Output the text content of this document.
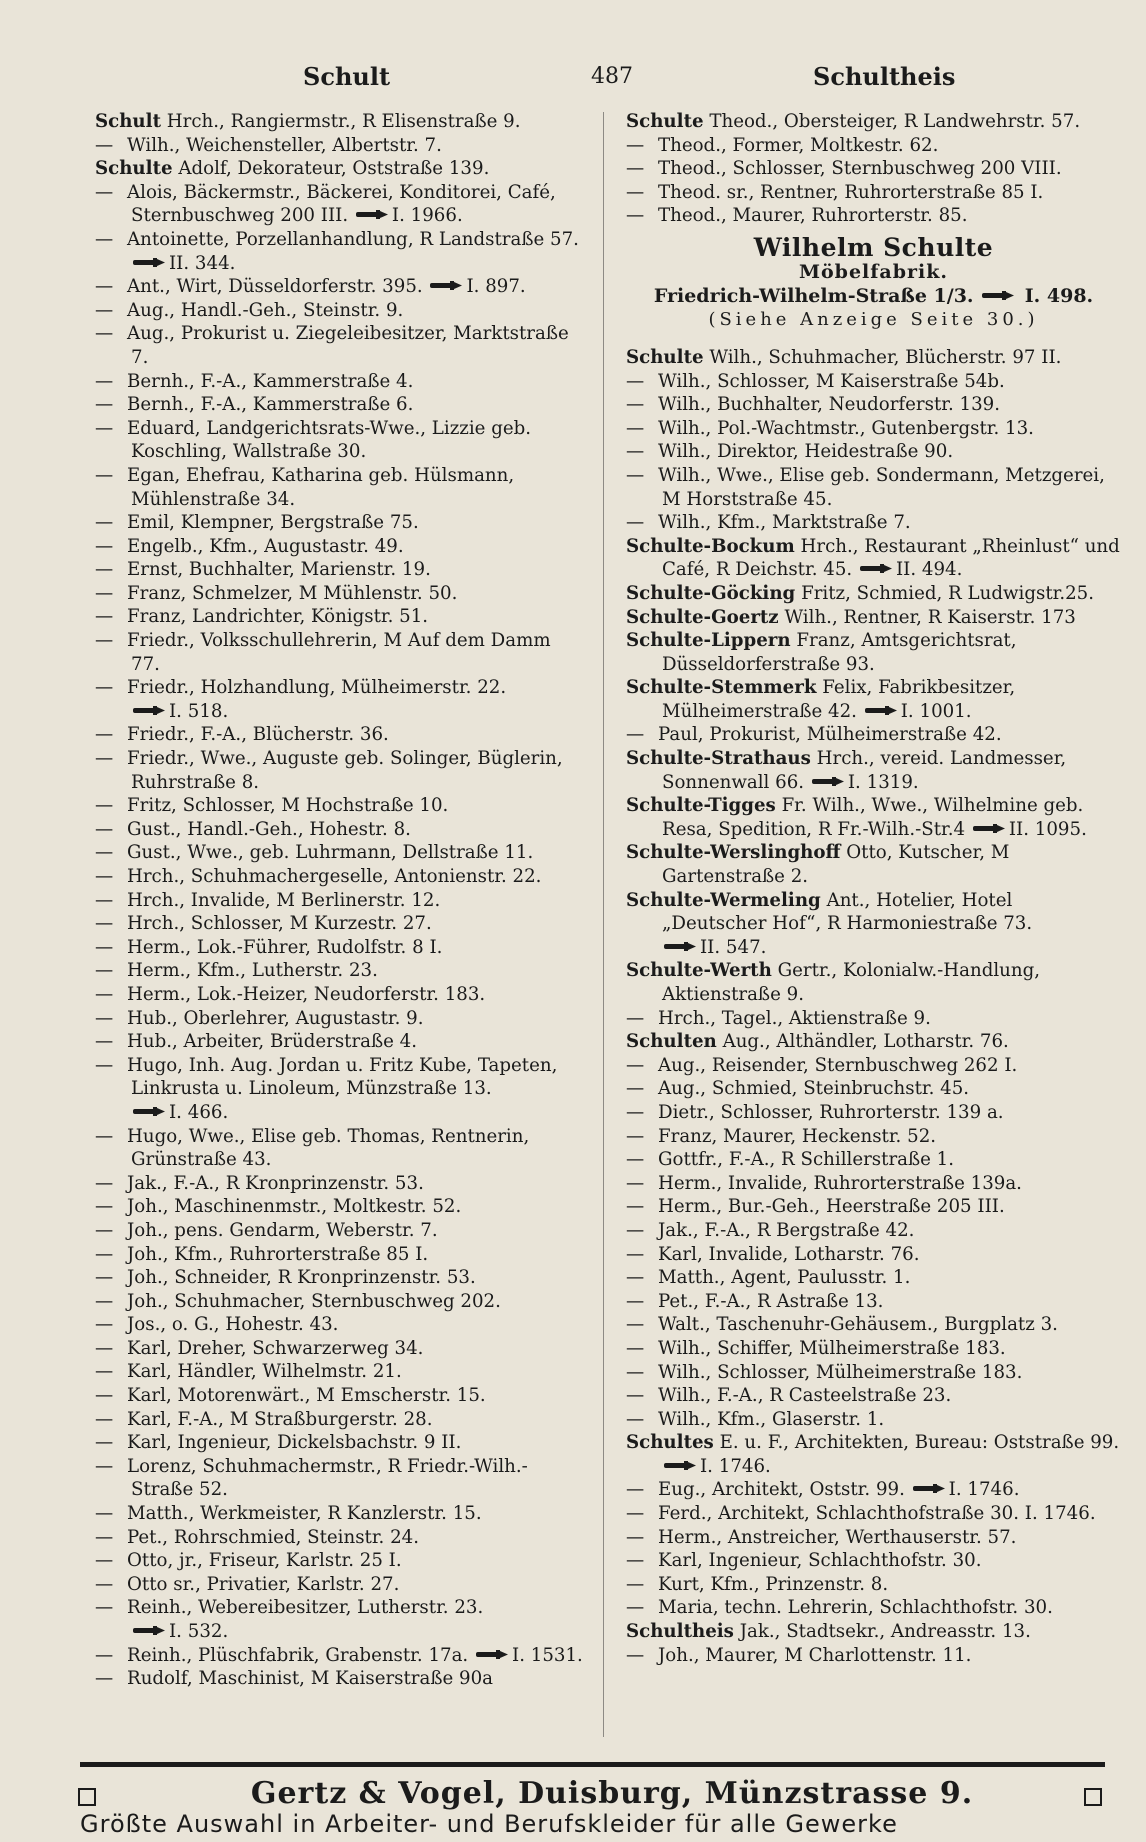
Schult	487	Schultheis

Schult Hrch., Rangiermstr., R Elisenstraße 9.

— Wilh., Weichensteller, Albertstr. 7.

Schulte Adolf, Dekorateur, Oststraße 139.

— Alois, Bäckermstr., Bäckerei, Konditorei, Café, Sternbuschweg 200 III. I. 1966.

— Antoinette, Porzellanhandlung, R Landstraße 57. II. 344.

— Ant., Wirt, Düsseldorferstr. 395. I. 897.

— Aug., Handl.-Geh., Steinstr. 9.

— Aug., Prokurist u. Ziegeleibesitzer, Marktstraße 7.

— Bernh., F.-A., Kammerstraße 4.

— Bernh., F.-A., Kammerstraße 6.

— Eduard, Landgerichtsrats-Wwe., Lizzie geb. Koschling, Wallstraße 30.

— Egan, Ehefrau, Katharina geb. Hülsmann, Mühlenstraße 34.

— Emil, Klempner, Bergstraße 75.

— Engelb., Kfm., Augustastr. 49.

— Ernst, Buchhalter, Marienstr. 19.

— Franz, Schmelzer, M Mühlenstr. 50.

— Franz, Landrichter, Königstr. 51.

— Friedr., Volksschullehrerin, M Auf dem Damm 77.

— Friedr., Holzhandlung, Mülheimerstr. 22. I. 518.

— Friedr., F.-A., Blücherstr. 36.

— Friedr., Wwe., Auguste geb. Solinger, Büglerin, Ruhrstraße 8.

— Fritz, Schlosser, M Hochstraße 10.

— Gust., Handl.-Geh., Hohestr. 8.

— Gust., Wwe., geb. Luhrmann, Dellstraße 11.

— Hrch., Schuhmachergeselle, Antonienstr. 22.

— Hrch., Invalide, M Berlinerstr. 12.

— Hrch., Schlosser, M Kurzestr. 27.

— Herm., Lok.-Führer, Rudolfstr. 8 I.

— Herm., Kfm., Lutherstr. 23.

— Herm., Lok.-Heizer, Neudorferstr. 183.

— Hub., Oberlehrer, Augustastr. 9.

— Hub., Arbeiter, Brüderstraße 4.

— Hugo, Inh. Aug. Jordan u. Fritz Kube, Tapeten, Linkrusta u. Linoleum, Münzstraße 13. I. 466.

— Hugo, Wwe., Elise geb. Thomas, Rentnerin, Grünstraße 43.

— Jak., F.-A., R Kronprinzenstr. 53.

— Joh., Maschinenmstr., Moltkestr. 52.

— Joh., pens. Gendarm, Weberstr. 7.

— Joh., Kfm., Ruhrorterstraße 85 I.

— Joh., Schneider, R Kronprinzenstr. 53.

— Joh., Schuhmacher, Sternbuschweg 202.

— Jos., o. G., Hohestr. 43.

— Karl, Dreher, Schwarzerweg 34.

— Karl, Händler, Wilhelmstr. 21.

— Karl, Motorenwärt., M Emscherstr. 15.

— Karl, F.-A., M Straßburgerstr. 28.

— Karl, Ingenieur, Dickelsbachstr. 9 II.

— Lorenz, Schuhmachermstr., R Friedr.-Wilh.-Straße 52.

— Matth., Werkmeister, R Kanzlerstr. 15.

— Pet., Rohrschmied, Steinstr. 24.

— Otto, jr., Friseur, Karlstr. 25 I.

— Otto sr., Privatier, Karlstr. 27.

— Reinh., Webereibesitzer, Lutherstr. 23. I. 532.

— Reinh., Plüschfabrik, Grabenstr. 17a. I. 1531.

— Rudolf, Maschinist, M Kaiserstraße 90a

Schulte Theod., Obersteiger, R Landwehrstr. 57.

— Theod., Former, Moltkestr. 62.

— Theod., Schlosser, Sternbuschweg 200 VIII.

— Theod. sr., Rentner, Ruhrorterstraße 85 I.

— Theod., Maurer, Ruhrorterstr. 85.

Wilhelm Schulte
Möbelfabrik.
Friedrich-Wilhelm-Straße 1/3.	I. 498.
(Siehe Anzeige Seite 30.)

Schulte Wilh., Schuhmacher, Blücherstr. 97 II.

— Wilh., Schlosser, M Kaiserstraße 54b.

— Wilh., Buchhalter, Neudorferstr. 139.

— Wilh., Pol.-Wachtmstr., Gutenbergstr. 13.

— Wilh., Direktor, Heidestraße 90.

— Wilh., Wwe., Elise geb. Sondermann, Metzgerei, M Horststraße 45.

— Wilh., Kfm., Marktstraße 7.

Schulte-Bockum Hrch., Restaurant „Rheinlust“ und Café, R Deichstr. 45. II. 494.

Schulte-Göcking Fritz, Schmied, R Ludwigstr.25.

Schulte-Goertz Wilh., Rentner, R Kaiserstr. 173

Schulte-Lippern Franz, Amtsgerichtsrat, Düsseldorferstraße 93.

Schulte-Stemmerk Felix, Fabrikbesitzer, Mülheimerstraße 42. I. 1001.

— Paul, Prokurist, Mülheimerstraße 42.

Schulte-Strathaus Hrch., vereid. Landmesser, Sonnenwall 66. I. 1319.

Schulte-Tigges Fr. Wilh., Wwe., Wilhelmine geb. Resa, Spedition, R Fr.-Wilh.-Str.4 II. 1095.

Schulte-Werslinghoff Otto, Kutscher, M Gartenstraße 2.

Schulte-Wermeling Ant., Hotelier, Hotel „Deutscher Hof“, R Harmoniestraße 73. II. 547.

Schulte-Werth Gertr., Kolonialw.-Handlung, Aktienstraße 9.

— Hrch., Tagel., Aktienstraße 9.

Schulten Aug., Althändler, Lotharstr. 76.

— Aug., Reisender, Sternbuschweg 262 I.

— Aug., Schmied, Steinbruchstr. 45.

— Dietr., Schlosser, Ruhrorterstr. 139 a.

— Franz, Maurer, Heckenstr. 52.

— Gottfr., F.-A., R Schillerstraße 1.

— Herm., Invalide, Ruhrorterstraße 139a.

— Herm., Bur.-Geh., Heerstraße 205 III.

— Jak., F.-A., R Bergstraße 42.

— Karl, Invalide, Lotharstr. 76.

— Matth., Agent, Paulusstr. 1.

— Pet., F.-A., R Astraße 13.

— Walt., Taschenuhr-Gehäusem., Burgplatz 3.

— Wilh., Schiffer, Mülheimerstraße 183.

— Wilh., Schlosser, Mülheimerstraße 183.

— Wilh., F.-A., R Casteelstraße 23.

— Wilh., Kfm., Glaserstr. 1.

Schultes E. u. F., Architekten, Bureau: Oststraße 99. I. 1746.

— Eug., Architekt, Oststr. 99. I. 1746.

— Ferd., Architekt, Schlachthofstraße 30. I. 1746.

— Herm., Anstreicher, Werthauserstr. 57.

— Karl, Ingenieur, Schlachthofstr. 30.

— Kurt, Kfm., Prinzenstr. 8.

— Maria, techn. Lehrerin, Schlachthofstr. 30.

Schultheis Jak., Stadtsekr., Andreasstr. 13.

— Joh., Maurer, M Charlottenstr. 11.

Gertz & Vogel, Duisburg, Münzstrasse 9.
Größte Auswahl in Arbeiter- und Berufskleider für alle Gewerke
